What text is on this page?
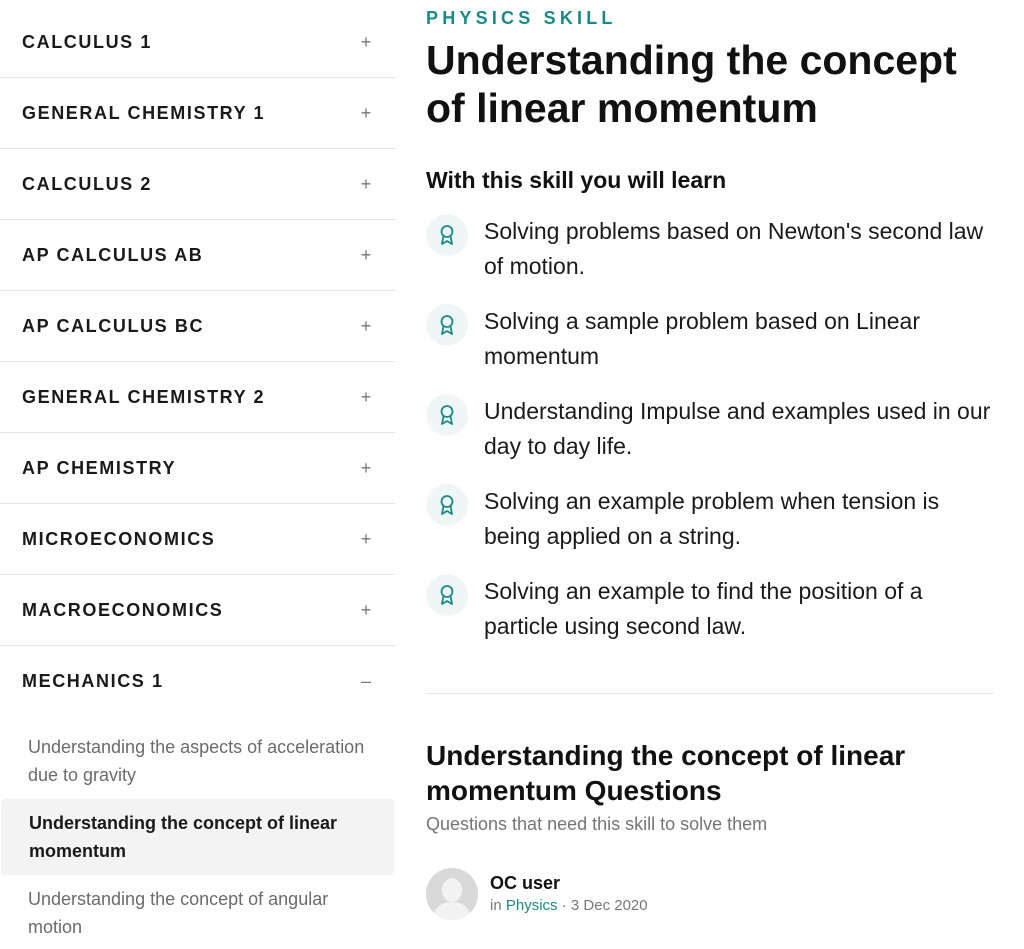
CALCULUS 1	+
GENERAL CHEMISTRY 1	+
CALCULUS 2	+
AP CALCULUS AB	+
AP CALCULUS BC	+
GENERAL CHEMISTRY 2	+
AP CHEMISTRY	+
MICROECONOMICS	+
MACROECONOMICS	+
MECHANICS 1	–
Understanding the aspects of acceleration due to gravity
Understanding the concept of linear momentum
Understanding the concept of angular motion
PHYSICS SKILL
Understanding the concept of linear momentum
With this skill you will learn
Solving problems based on Newton's second law of motion.
Solving a sample problem based on Linear momentum
Understanding Impulse and examples used in our day to day life.
Solving an example problem when tension is being applied on a string.
Solving an example to find the position of a particle using second law.
Understanding the concept of linear momentum Questions
Questions that need this skill to solve them
OC user
in Physics · 3 Dec 2020
